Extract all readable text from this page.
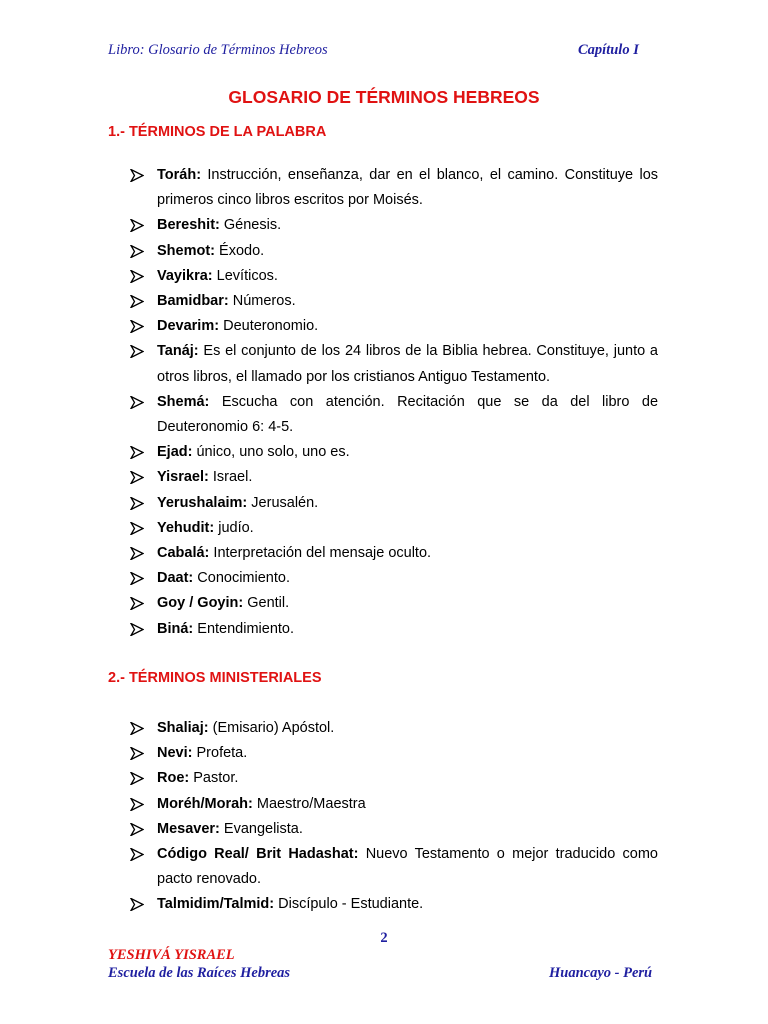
Libro: Glosario de Términos Hebreos	Capítulo I
GLOSARIO DE TÉRMINOS HEBREOS
1.- TÉRMINOS DE LA PALABRA
Toráh: Instrucción, enseñanza, dar en el blanco, el camino. Constituye los primeros cinco libros escritos por Moisés.
Bereshit: Génesis.
Shemot: Éxodo.
Vayikra: Levíticos.
Bamidbar: Números.
Devarim: Deuteronomio.
Tanáj: Es el conjunto de los 24 libros de la Biblia hebrea. Constituye, junto a otros libros, el llamado por los cristianos Antiguo Testamento.
Shemá: Escucha con atención. Recitación que se da del libro de Deuteronomio 6: 4-5.
Ejad: único, uno solo, uno es.
Yisrael: Israel.
Yerushalaim: Jerusalén.
Yehudit: judío.
Cabalá: Interpretación del mensaje oculto.
Daat: Conocimiento.
Goy / Goyin: Gentil.
Biná: Entendimiento.
2.- TÉRMINOS MINISTERIALES
Shaliaj: (Emisario) Apóstol.
Nevi: Profeta.
Roe: Pastor.
Moréh/Morah: Maestro/Maestra
Mesaver: Evangelista.
Código Real/ Brit Hadashat: Nuevo Testamento o mejor traducido como pacto renovado.
Talmidim/Talmid: Discípulo - Estudiante.
2
YESHIVÁ YISRAEL
Escuela de las Raíces Hebreas	Huancayo - Perú
